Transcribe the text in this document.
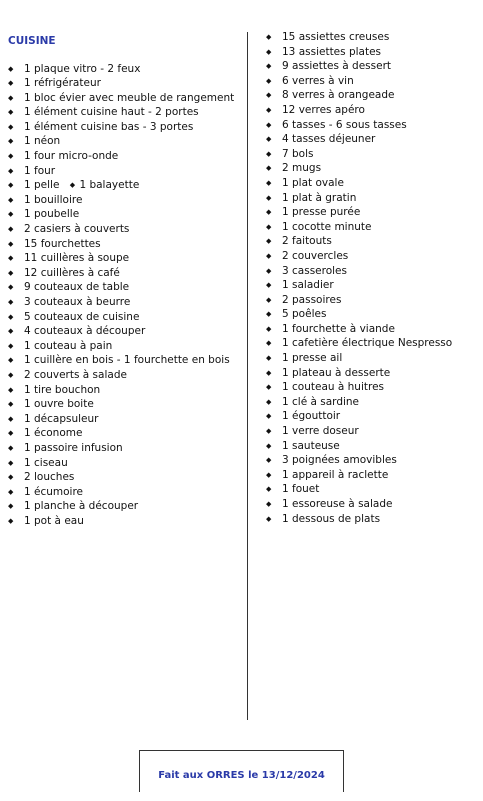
CUISINE
◆	1 plaque vitro - 2 feux
◆	1 réfrigérateur
◆	1 bloc évier avec meuble de rangement
◆	1 élément cuisine haut - 2 portes
◆	1 élément cuisine bas - 3 portes
◆	1 néon
◆	1 four micro-onde
◆	1 four
◆	1 pelle	◆ 1 balayette
◆	1 bouilloire
◆	1 poubelle
◆	2 casiers à couverts
◆	15 fourchettes
◆	11 cuillères à soupe
◆	12 cuillères à café
◆	9 couteaux de table
◆	3 couteaux à beurre
◆	5 couteaux de cuisine
◆	4 couteaux à découper
◆	1 couteau à pain
◆	1 cuillère en bois - 1 fourchette en bois
◆	2 couverts à salade
◆	1 tire bouchon
◆	1 ouvre boite
◆	1 décapsuleur
◆	1 économe
◆	1 passoire infusion
◆	1 ciseau
◆	2 louches
◆	1 écumoire
◆	1 planche à découper
◆	1 pot à eau
◆	15 assiettes creuses
◆	13 assiettes plates
◆	9 assiettes à dessert
◆	6 verres à vin
◆	8 verres à orangeade
◆	12 verres apéro
◆	6 tasses - 6 sous tasses
◆	4 tasses déjeuner
◆	7 bols
◆	2 mugs
◆	1 plat ovale
◆	1 plat à gratin
◆	1 presse purée
◆	1 cocotte minute
◆	2 faitouts
◆	2 couvercles
◆	3 casseroles
◆	1 saladier
◆	2 passoires
◆	5 poêles
◆	1 fourchette à viande
◆	1 cafetière électrique Nespresso
◆	1 presse ail
◆	1 plateau à desserte
◆	1 couteau à huitres
◆	1 clé à sardine
◆	1 égouttoir
◆	1 verre doseur
◆	1 sauteuse
◆	3 poignées amovibles
◆	1 appareil à raclette
◆	1 fouet
◆	1 essoreuse à salade
◆	1 dessous de plats
Fait aux ORRES le 13/12/2024
